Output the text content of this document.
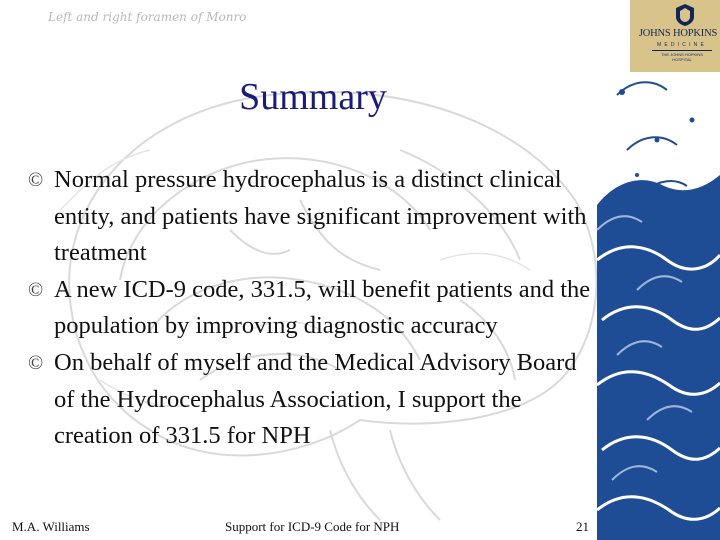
Left and right foramen of Monro
JOHNS HOPKINS
MEDICINE
THE JOHNS HOPKINS
HOSPITAL
Summary
© Normal pressure hydrocephalus is a distinct clinical entity, and patients have significant improvement with treatment
© A new ICD-9 code, 331.5, will benefit patients and the population by improving diagnostic accuracy
© On behalf of myself and the Medical Advisory Board of the Hydrocephalus Association, I support the creation of 331.5 for NPH
M.A. Williams	Support for ICD-9 Code for NPH	21
